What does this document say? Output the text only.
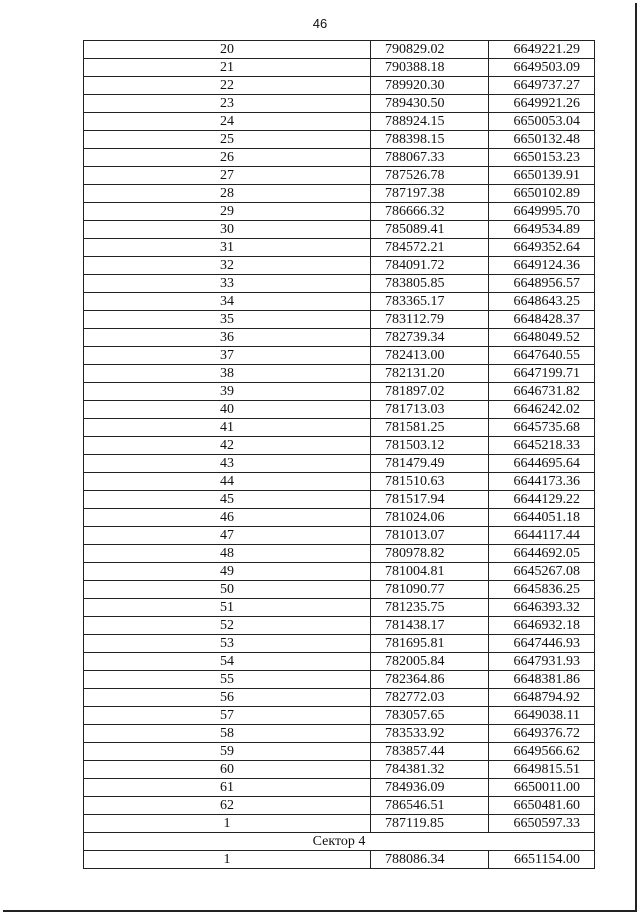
46
20	790829.02	6649221.29
21	790388.18	6649503.09
22	789920.30	6649737.27
23	789430.50	6649921.26
24	788924.15	6650053.04
25	788398.15	6650132.48
26	788067.33	6650153.23
27	787526.78	6650139.91
28	787197.38	6650102.89
29	786666.32	6649995.70
30	785089.41	6649534.89
31	784572.21	6649352.64
32	784091.72	6649124.36
33	783805.85	6648956.57
34	783365.17	6648643.25
35	783112.79	6648428.37
36	782739.34	6648049.52
37	782413.00	6647640.55
38	782131.20	6647199.71
39	781897.02	6646731.82
40	781713.03	6646242.02
41	781581.25	6645735.68
42	781503.12	6645218.33
43	781479.49	6644695.64
44	781510.63	6644173.36
45	781517.94	6644129.22
46	781024.06	6644051.18
47	781013.07	6644117.44
48	780978.82	6644692.05
49	781004.81	6645267.08
50	781090.77	6645836.25
51	781235.75	6646393.32
52	781438.17	6646932.18
53	781695.81	6647446.93
54	782005.84	6647931.93
55	782364.86	6648381.86
56	782772.03	6648794.92
57	783057.65	6649038.11
58	783533.92	6649376.72
59	783857.44	6649566.62
60	784381.32	6649815.51
61	784936.09	6650011.00
62	786546.51	6650481.60
1	787119.85	6650597.33
Сектор 4		
1	788086.34	6651154.00
